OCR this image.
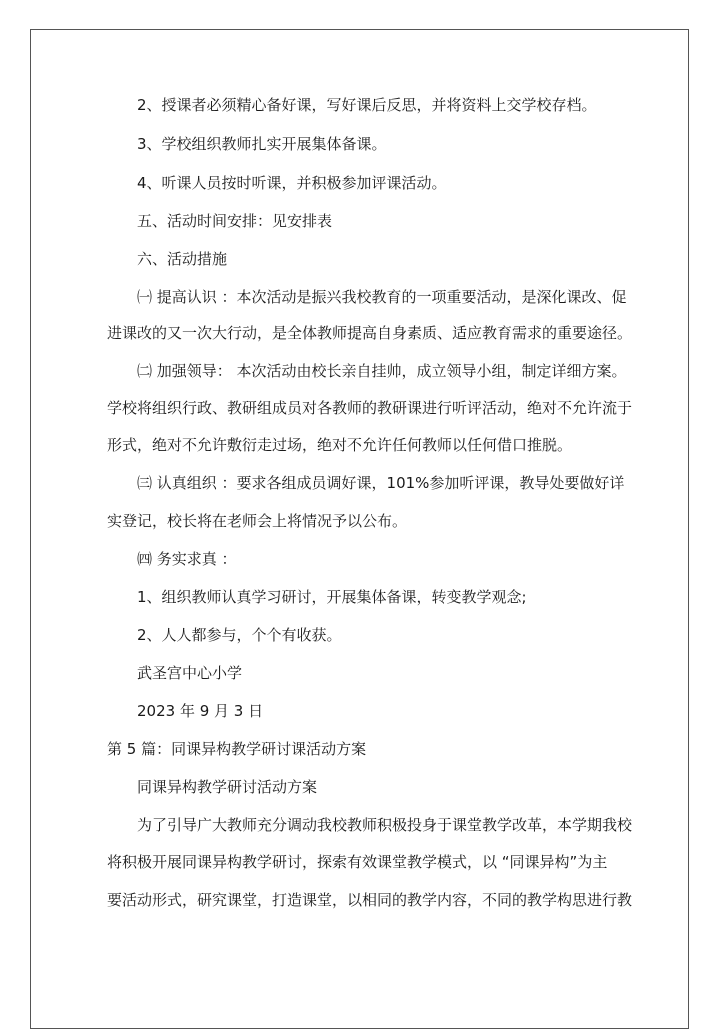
2、授课者必须精心备好课，写好课后反思，并将资料上交学校存档。
3、学校组织教师扎实开展集体备课。
4、听课人员按时听课，并积极参加评课活动。
五、活动时间安排：见安排表
六、活动措施
㈠ 提高认识 ：本次活动是振兴我校教育的一项重要活动，是深化课改、促
进课改的又一次大行动，是全体教师提高自身素质、适应教育需求的重要途径。
㈡ 加强领导： 本次活动由校长亲自挂帅，成立领导小组，制定详细方案。
学校将组织行政、教研组成员对各教师的教研课进行听评活动，绝对不允许流于
形式，绝对不允许敷衍走过场，绝对不允许任何教师以任何借口推脱。
㈢ 认真组织 ：要求各组成员调好课，101%参加听评课，教导处要做好详
实登记，校长将在老师会上将情况予以公布。
㈣ 务实求真 ：
1、组织教师认真学习研讨，开展集体备课，转变教学观念;
2、人人都参与，个个有收获。
武圣宫中心小学
2023 年 9 月 3 日
第 5 篇：同课异构教学研讨课活动方案
同课异构教学研讨活动方案
为了引导广大教师充分调动我校教师积极投身于课堂教学改革，本学期我校
将积极开展同课异构教学研讨，探索有效课堂教学模式，以 “同课异构”为主
要活动形式，研究课堂，打造课堂，以相同的教学内容，不同的教学构思进行教
